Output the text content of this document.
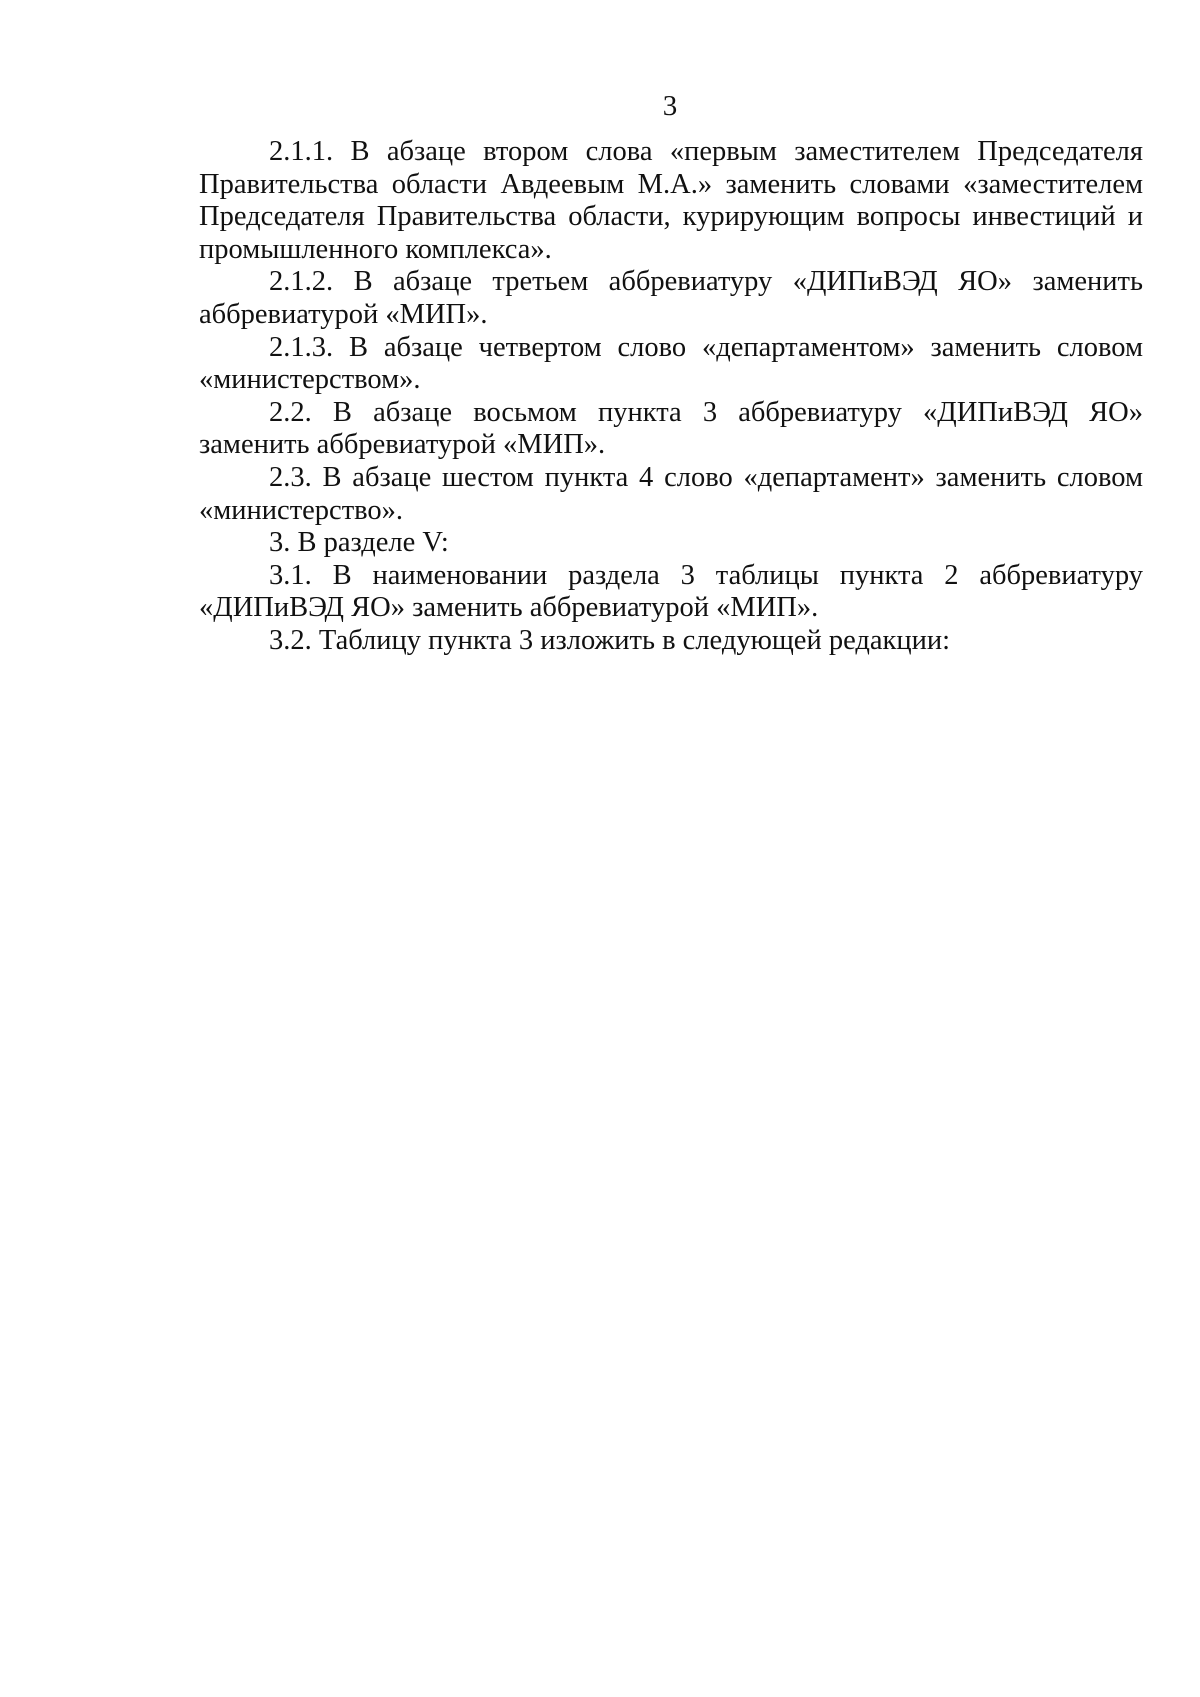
3

2.1.1. В абзаце втором слова «первым заместителем Председателя Правительства области Авдеевым М.А.» заменить словами «заместителем Председателя Правительства области, курирующим вопросы инвестиций и промышленного комплекса».

2.1.2. В абзаце третьем аббревиатуру «ДИПиВЭД ЯО» заменить аббревиатурой «МИП».

2.1.3. В абзаце четвертом слово «департаментом» заменить словом «министерством».

2.2. В абзаце восьмом пункта 3 аббревиатуру «ДИПиВЭД ЯО» заменить аббревиатурой «МИП».

2.3. В абзаце шестом пункта 4 слово «департамент» заменить словом «министерство».

3. В разделе V:

3.1. В наименовании раздела 3 таблицы пункта 2 аббревиатуру «ДИПиВЭД ЯО» заменить аббревиатурой «МИП».

3.2. Таблицу пункта 3 изложить в следующей редакции:
